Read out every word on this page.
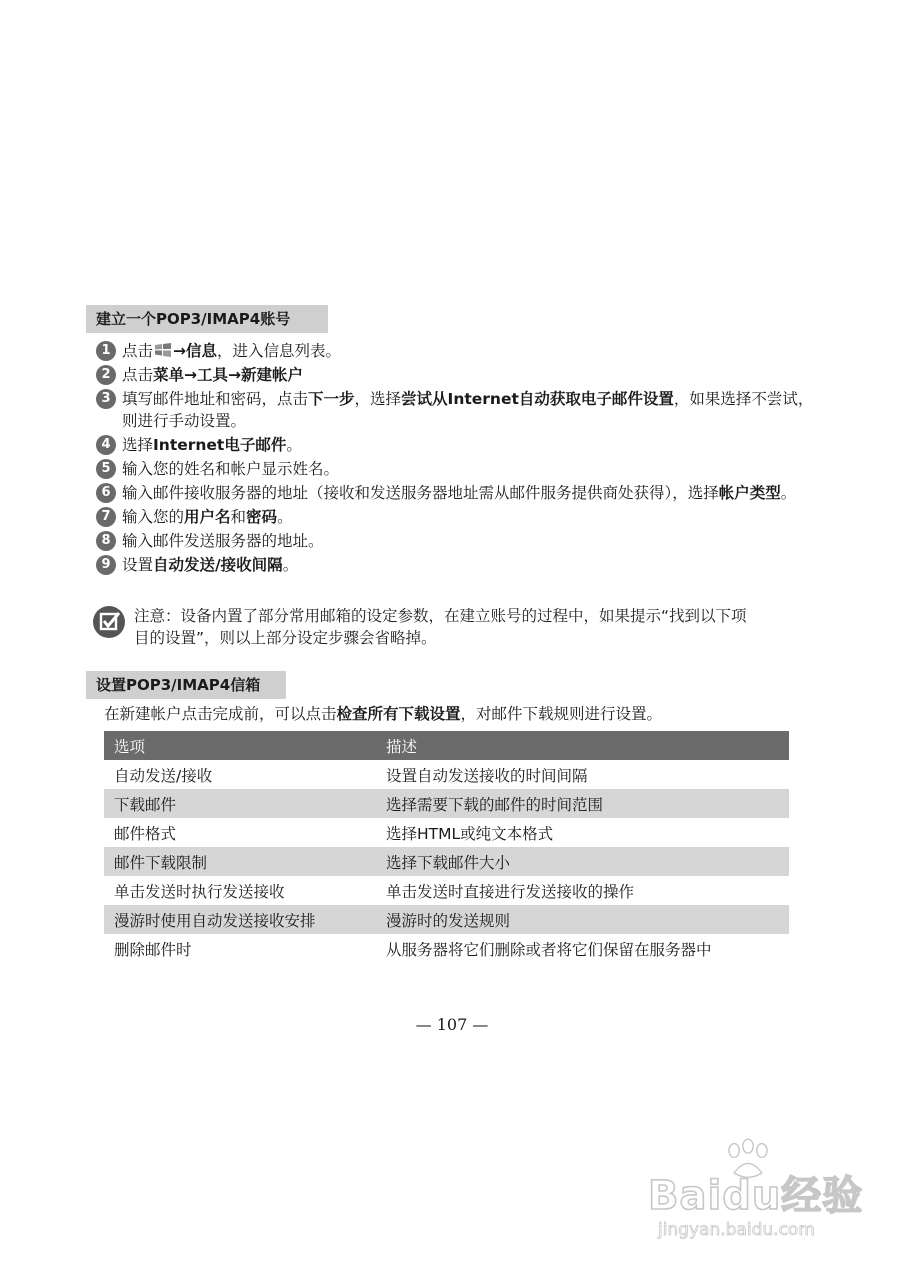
建立一个POP3/IMAP4账号
1 点击 →信息，进入信息列表。
2 点击菜单→工具→新建帐户
3 填写邮件地址和密码，点击下一步，选择尝试从Internet自动获取电子邮件设置，如果选择不尝试，则进行手动设置。
4 选择Internet电子邮件。
5 输入您的姓名和帐户显示姓名。
6 输入邮件接收服务器的地址（接收和发送服务器地址需从邮件服务提供商处获得），选择帐户类型。
7 输入您的用户名和密码。
8 输入邮件发送服务器的地址。
9 设置自动发送/接收间隔。
注意：设备内置了部分常用邮箱的设定参数，在建立账号的过程中，如果提示“找到以下项目的设置”，则以上部分设定步骤会省略掉。
设置POP3/IMAP4信箱
在新建帐户点击完成前，可以点击检查所有下载设置，对邮件下载规则进行设置。
选项	描述
自动发送/接收	设置自动发送接收的时间间隔
下载邮件	选择需要下载的邮件的时间范围
邮件格式	选择HTML或纯文本格式
邮件下载限制	选择下载邮件大小
单击发送时执行发送接收	单击发送时直接进行发送接收的操作
漫游时使用自动发送接收安排	漫游时的发送规则
删除邮件时	从服务器将它们删除或者将它们保留在服务器中
— 107 —
Baidu经验
jingyan.baidu.com
